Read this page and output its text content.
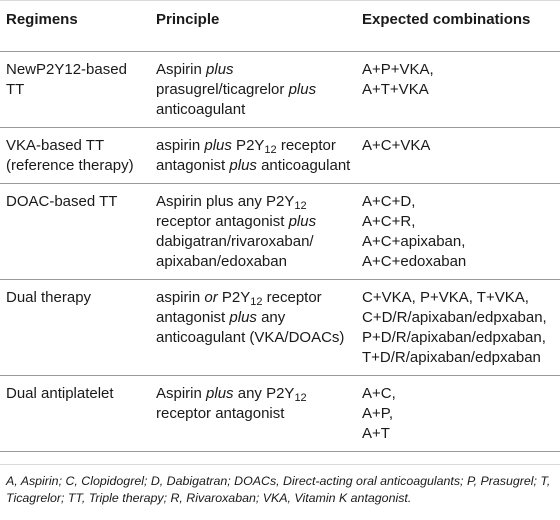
Regimens	Principle	Expected combinations
NewP2Y12-based TT	Aspirin plus prasugrel/ticagrelor plus anticoagulant	A+P+VKA,
A+T+VKA

VKA-based TT (reference therapy)	aspirin plus $P2Y_{12}$ receptor antagonist plus anticoagulant	A+C+VKA

DOAC-based TT	Aspirin plus any $P2Y_{12}$ receptor antagonist plus dabigatran/rivaroxaban/ apixaban/edoxaban	A+C+D,
A+C+R,
A+C+apixaban,
A+C+edoxaban

Dual therapy	aspirin or $P2Y_{12}$ receptor antagonist plus any anticoagulant (VKA/DOACs)	C+VKA, P+VKA, T+VKA,
C+D/R/apixaban/edpxaban,
P+D/R/apixaban/edpxaban,
T+D/R/apixaban/edpxaban

Dual antiplatelet	Aspirin plus any $P2Y_{12}$ receptor antagonist	A+C,
A+P,
A+T
A, Aspirin; C, Clopidogrel; D, Dabigatran; DOACs, Direct-acting oral anticoagulants; P, Prasugrel; T, Ticagrelor; TT, Triple therapy; R, Rivaroxaban; VKA, Vitamin K antagonist.
